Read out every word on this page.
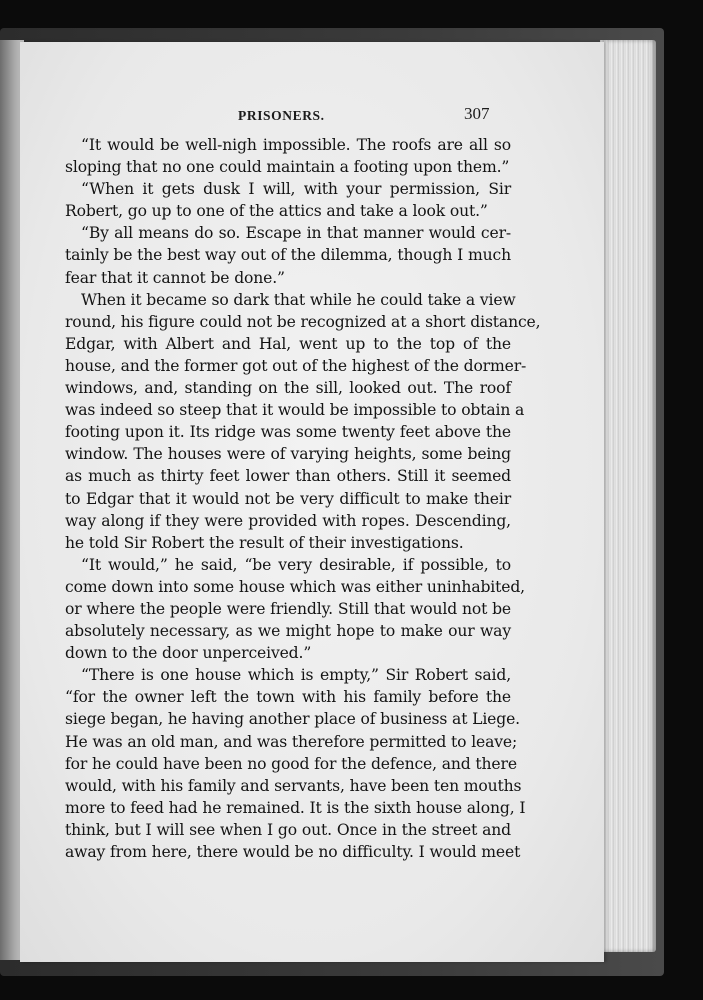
PRISONERS.	307
“It would be well-nigh impossible. The roofs are all so
sloping that no one could maintain a footing upon them.”
“When it gets dusk I will, with your permission, Sir
Robert, go up to one of the attics and take a look out.”
“By all means do so. Escape in that manner would cer-
tainly be the best way out of the dilemma, though I much
fear that it cannot be done.”
When it became so dark that while he could take a view
round, his figure could not be recognized at a short distance,
Edgar, with Albert and Hal, went up to the top of the
house, and the former got out of the highest of the dormer-
windows, and, standing on the sill, looked out. The roof
was indeed so steep that it would be impossible to obtain a
footing upon it. Its ridge was some twenty feet above the
window. The houses were of varying heights, some being
as much as thirty feet lower than others. Still it seemed
to Edgar that it would not be very difficult to make their
way along if they were provided with ropes. Descending,
he told Sir Robert the result of their investigations.
“It would,” he said, “be very desirable, if possible, to
come down into some house which was either uninhabited,
or where the people were friendly. Still that would not be
absolutely necessary, as we might hope to make our way
down to the door unperceived.”
“There is one house which is empty,” Sir Robert said,
“for the owner left the town with his family before the
siege began, he having another place of business at Liege.
He was an old man, and was therefore permitted to leave;
for he could have been no good for the defence, and there
would, with his family and servants, have been ten mouths
more to feed had he remained. It is the sixth house along, I
think, but I will see when I go out. Once in the street and
away from here, there would be no difficulty. I would meet
